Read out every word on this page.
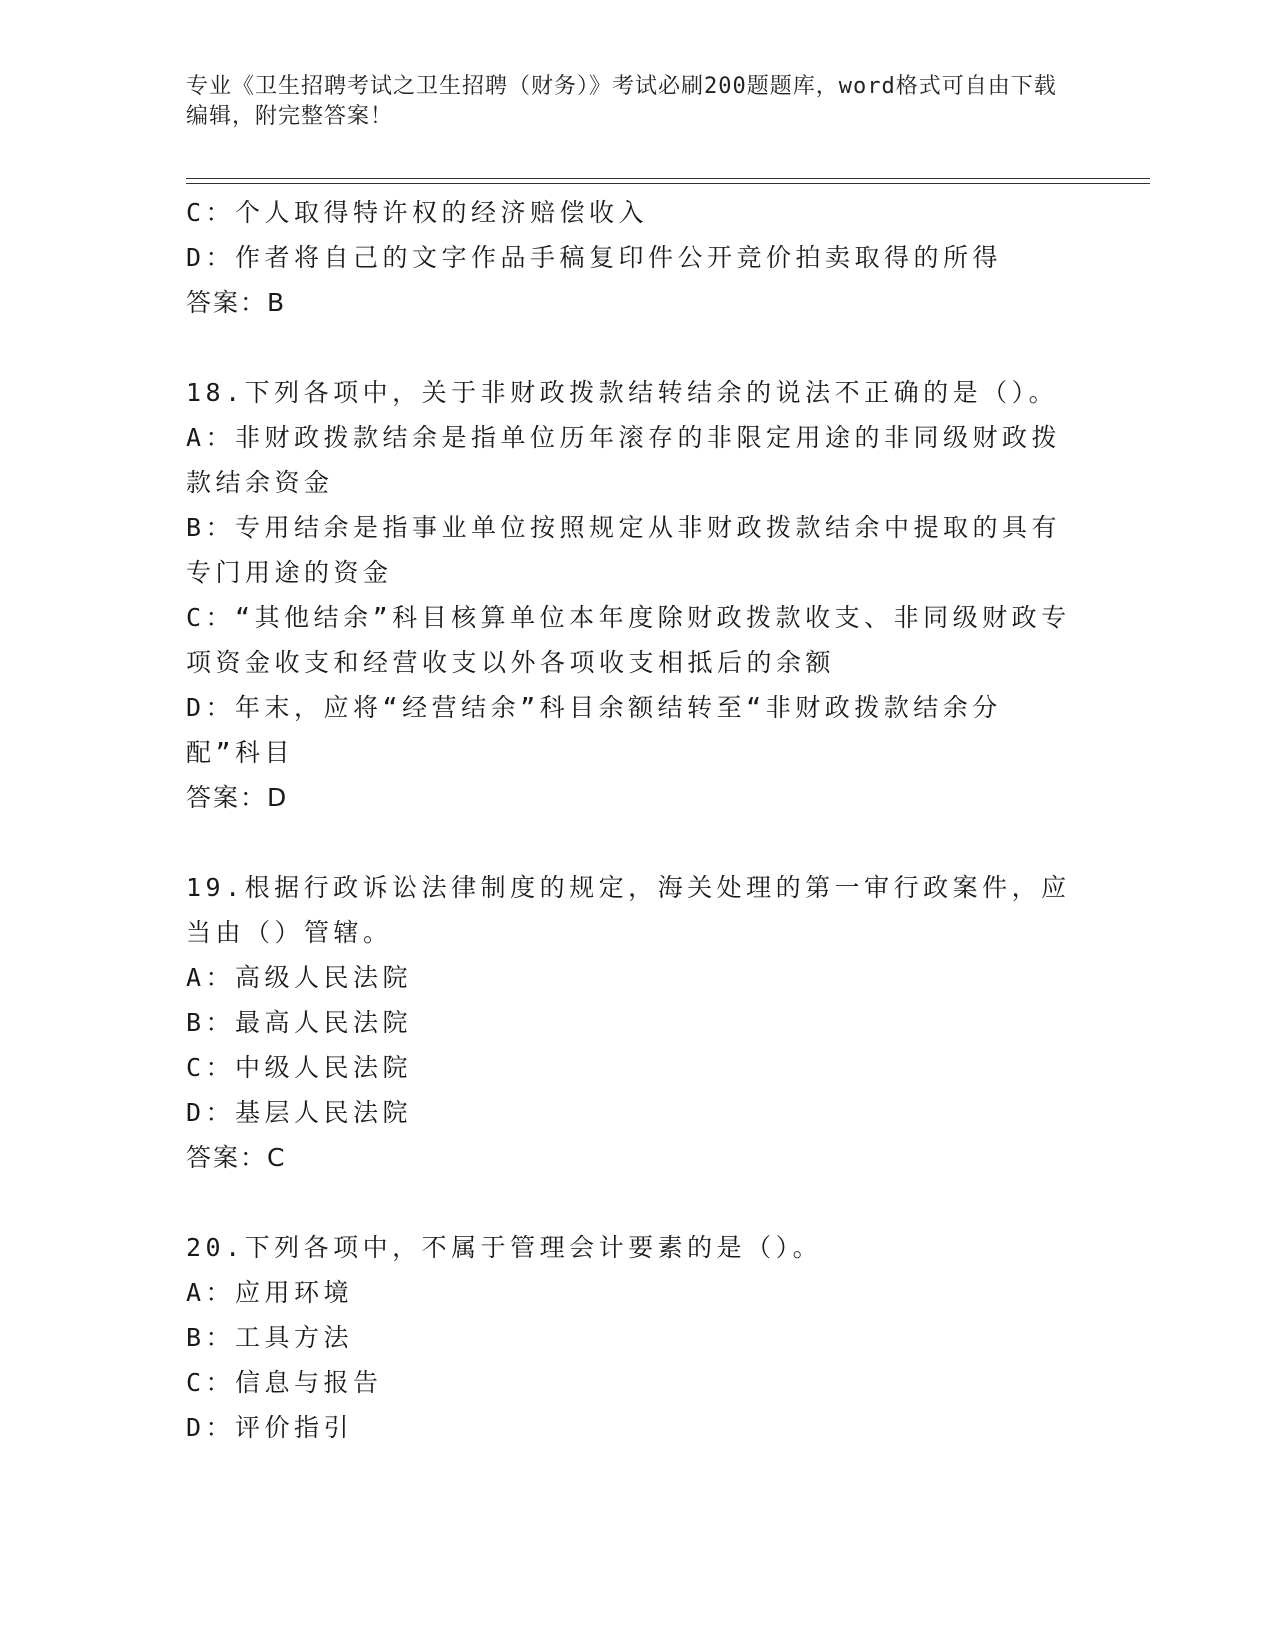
专业《卫生招聘考试之卫生招聘（财务）》考试必刷200题题库，word格式可自由下载编辑，附完整答案！

C：个人取得特许权的经济赔偿收入

D：作者将自己的文字作品手稿复印件公开竞价拍卖取得的所得

答案：B

18.下列各项中，关于非财政拨款结转结余的说法不正确的是（）。

A：非财政拨款结余是指单位历年滚存的非限定用途的非同级财政拨款结余资金

B：专用结余是指事业单位按照规定从非财政拨款结余中提取的具有专门用途的资金

C：“其他结余”科目核算单位本年度除财政拨款收支、非同级财政专项资金收支和经营收支以外各项收支相抵后的余额

D：年末，应将“经营结余”科目余额结转至“非财政拨款结余分配”科目

答案：D

19.根据行政诉讼法律制度的规定，海关处理的第一审行政案件，应当由（）管辖。

A：高级人民法院

B：最高人民法院

C：中级人民法院

D：基层人民法院

答案：C

20.下列各项中，不属于管理会计要素的是（）。

A：应用环境

B：工具方法

C：信息与报告

D：评价指引
